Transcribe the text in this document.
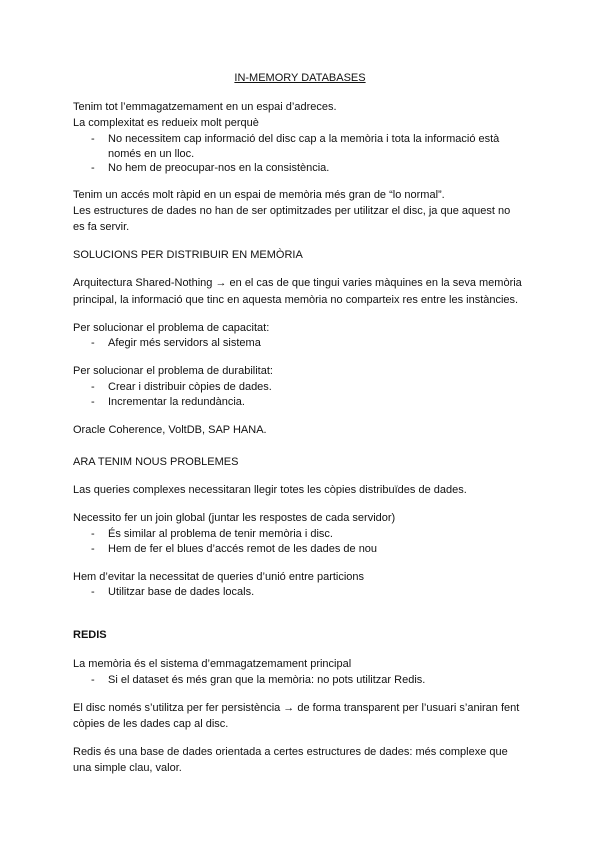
IN-MEMORY DATABASES
Tenim tot l’emmagatzemament en un espai d’adreces.
La complexitat es redueix molt perquè
- No necessitem cap informació del disc cap a la memòria i tota la informació està
només en un lloc.
- No hem de preocupar-nos en la consistència.
Tenim un accés molt ràpid en un espai de memòria més gran de “lo normal”.
Les estructures de dades no han de ser optimitzades per utilitzar el disc, ja que aquest no
es fa servir.
SOLUCIONS PER DISTRIBUIR EN MEMÒRIA
Arquitectura Shared-Nothing → en el cas de que tingui varies màquines en la seva memòria
principal, la informació que tinc en aquesta memòria no comparteix res entre les instàncies.
Per solucionar el problema de capacitat:
- Afegir més servidors al sistema
Per solucionar el problema de durabilitat:
- Crear i distribuir còpies de dades.
- Incrementar la redundància.
Oracle Coherence, VoltDB, SAP HANA.
ARA TENIM NOUS PROBLEMES
Las queries complexes necessitaran llegir totes les còpies distribuïdes de dades.
Necessito fer un join global (juntar les respostes de cada servidor)
- És similar al problema de tenir memòria i disc.
- Hem de fer el blues d’accés remot de les dades de nou
Hem d’evitar la necessitat de queries d’unió entre particions
- Utilitzar base de dades locals.
REDIS
La memòria és el sistema d’emmagatzemament principal
- Si el dataset és més gran que la memòria: no pots utilitzar Redis.
El disc només s’utilitza per fer persistència → de forma transparent per l’usuari s’aniran fent
còpies de les dades cap al disc.
Redis és una base de dades orientada a certes estructures de dades: més complexe que
una simple clau, valor.
